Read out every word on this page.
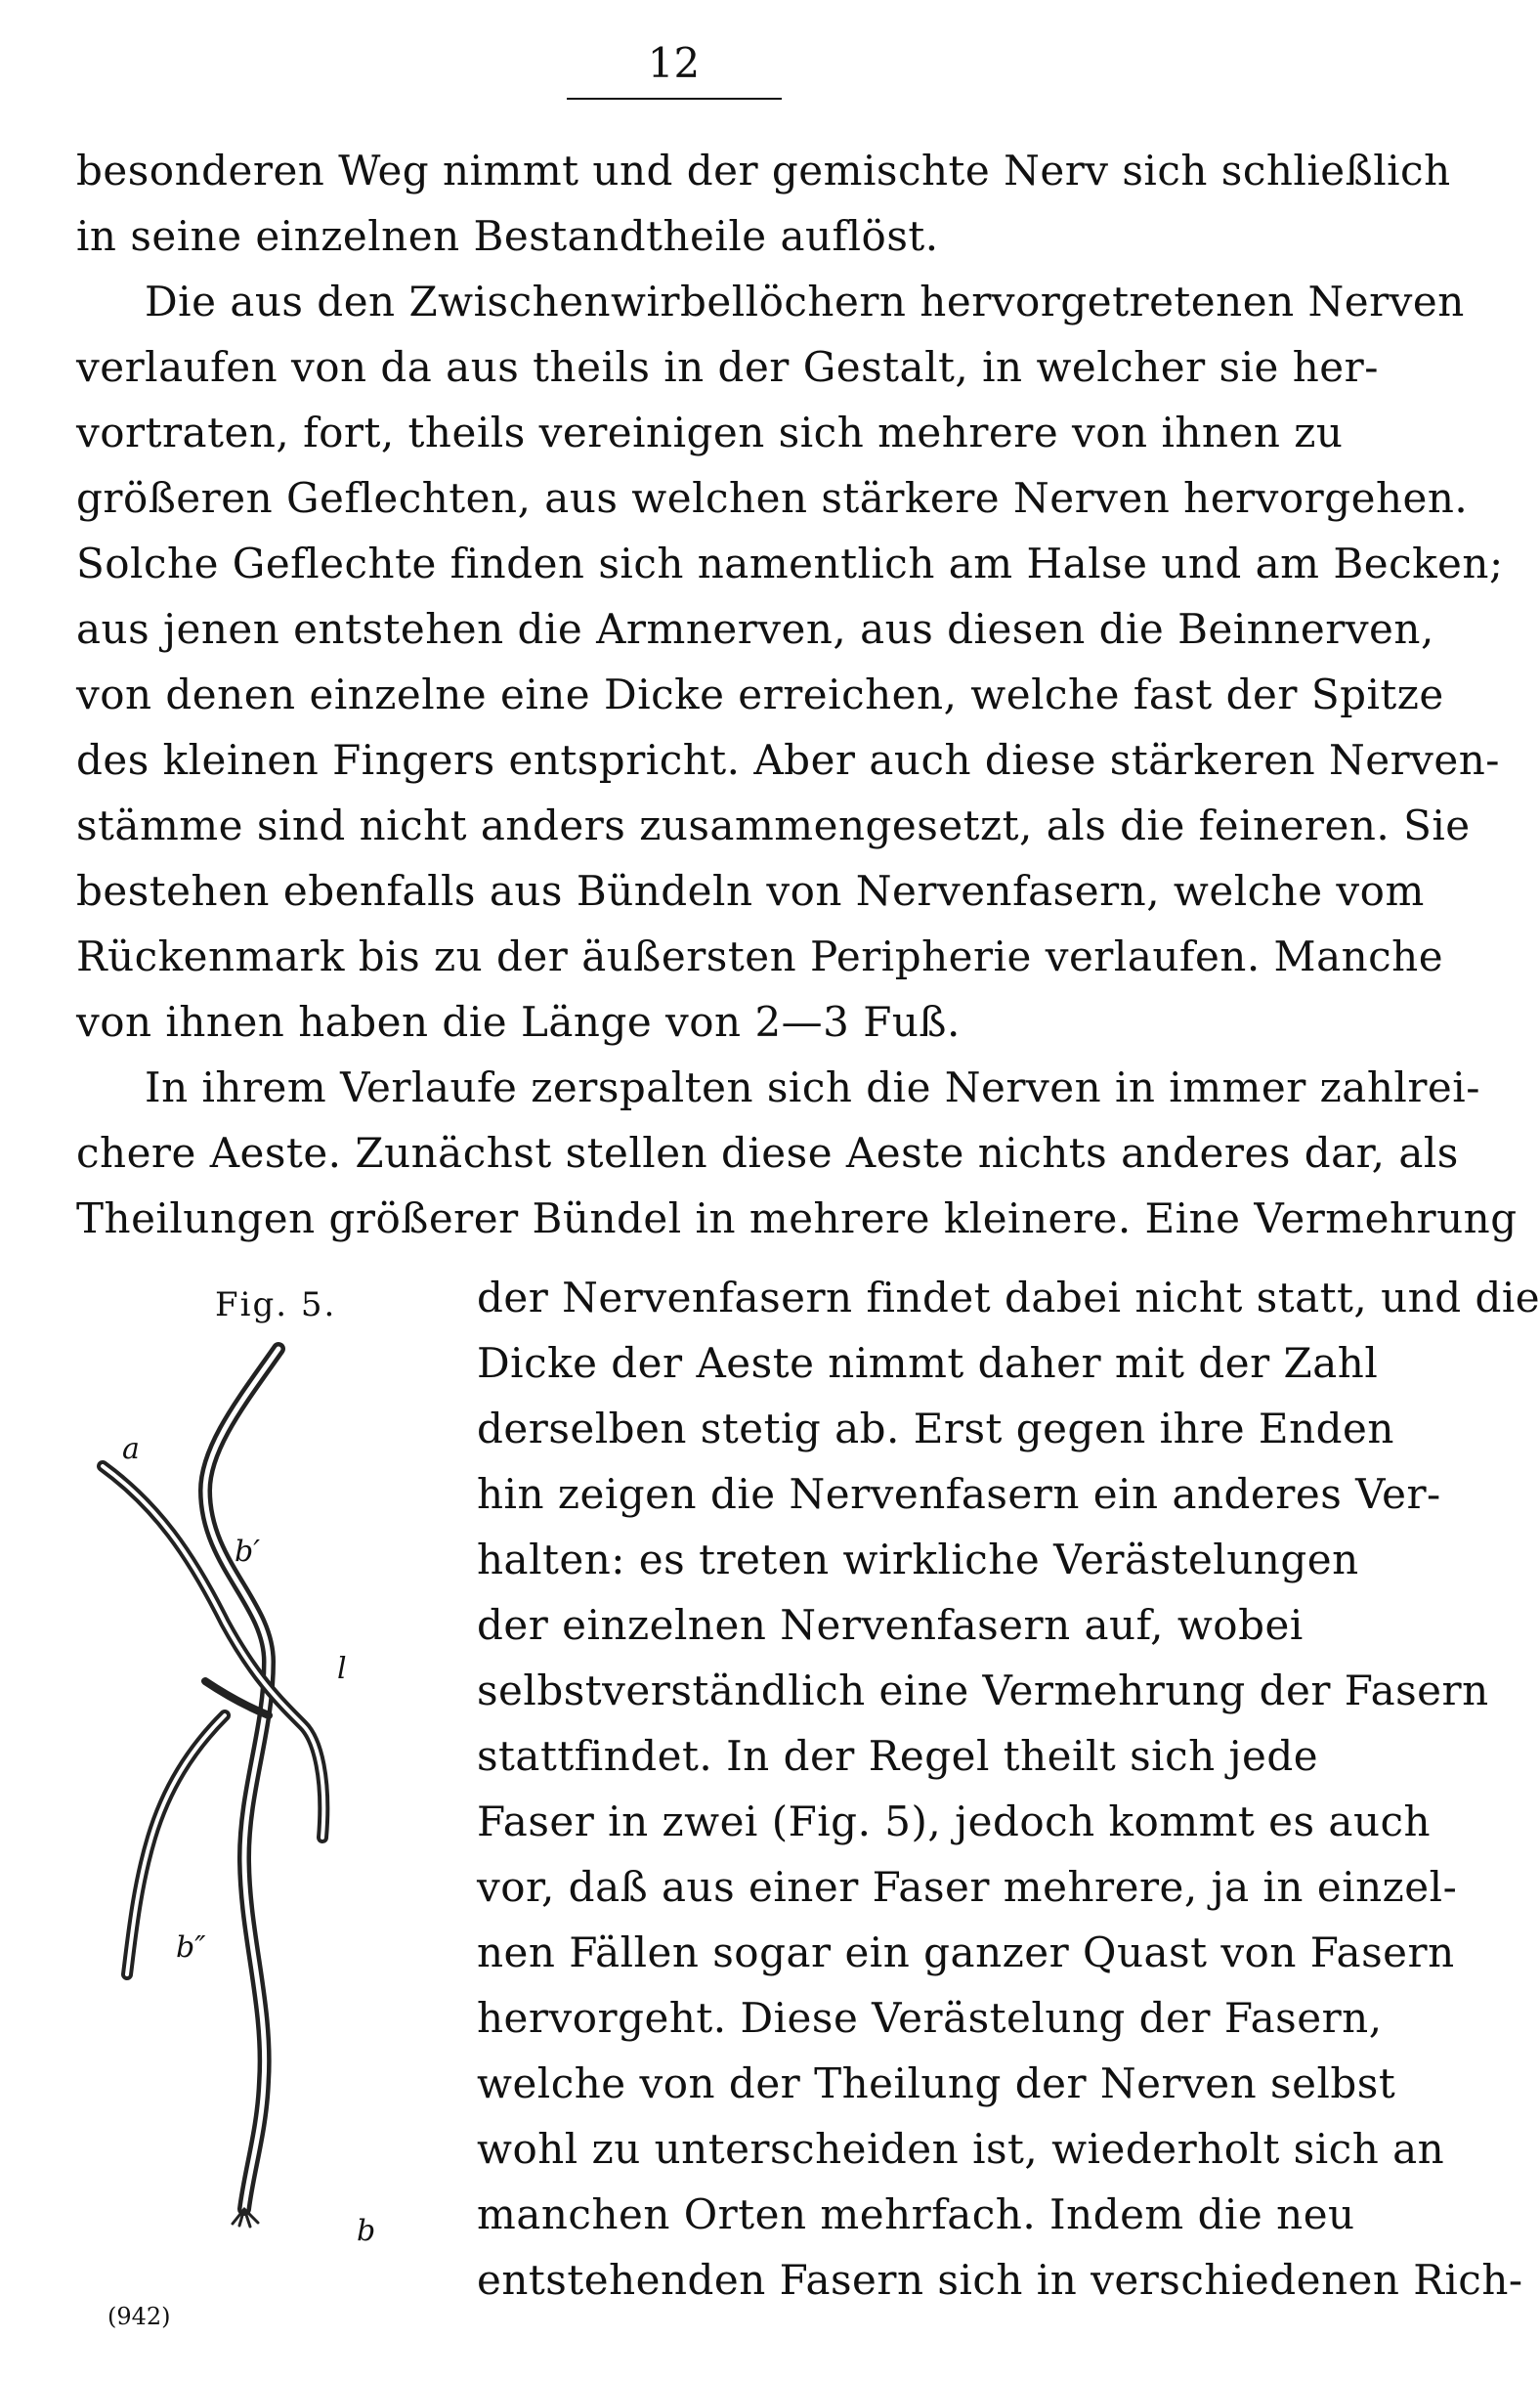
12
besonderen Weg nimmt und der gemischte Nerv sich schließlich
in seine einzelnen Bestandtheile auflöst.
Die aus den Zwischenwirbellöchern hervorgetretenen Nerven
verlaufen von da aus theils in der Gestalt, in welcher sie her-
vortraten, fort, theils vereinigen sich mehrere von ihnen zu
größeren Geflechten, aus welchen stärkere Nerven hervorgehen.
Solche Geflechte finden sich namentlich am Halse und am Becken;
aus jenen entstehen die Armnerven, aus diesen die Beinnerven,
von denen einzelne eine Dicke erreichen, welche fast der Spitze
des kleinen Fingers entspricht. Aber auch diese stärkeren Nerven-
stämme sind nicht anders zusammengesetzt, als die feineren. Sie
bestehen ebenfalls aus Bündeln von Nervenfasern, welche vom
Rückenmark bis zu der äußersten Peripherie verlaufen. Manche
von ihnen haben die Länge von 2—3 Fuß.
In ihrem Verlaufe zerspalten sich die Nerven in immer zahlrei-
chere Aeste. Zunächst stellen diese Aeste nichts anderes dar, als
Theilungen größerer Bündel in mehrere kleinere. Eine Vermehrung
der Nervenfasern findet dabei nicht statt, und die
Dicke der Aeste nimmt daher mit der Zahl
derselben stetig ab. Erst gegen ihre Enden
hin zeigen die Nervenfasern ein anderes Ver-
halten: es treten wirkliche Verästelungen
der einzelnen Nervenfasern auf, wobei
selbstverständlich eine Vermehrung der Fasern
stattfindet. In der Regel theilt sich jede
Faser in zwei (Fig. 5), jedoch kommt es auch
vor, daß aus einer Faser mehrere, ja in einzel-
nen Fällen sogar ein ganzer Quast von Fasern
hervorgeht. Diese Verästelung der Fasern,
welche von der Theilung der Nerven selbst
wohl zu unterscheiden ist, wiederholt sich an
manchen Orten mehrfach. Indem die neu
entstehenden Fasern sich in verschiedenen Rich-
Fig. 5.
a
b′
l
b″
b
(942)
